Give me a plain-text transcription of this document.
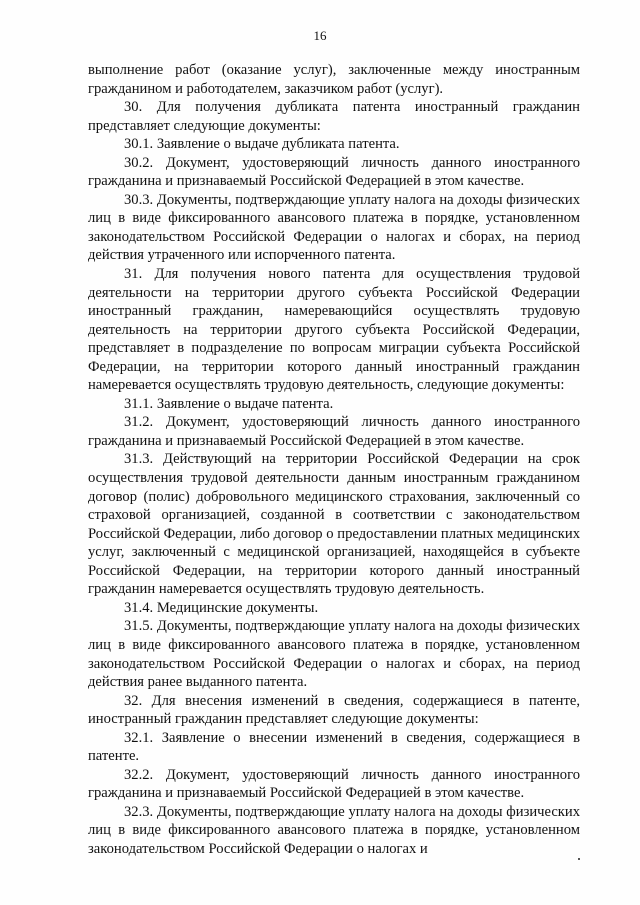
16

выполнение работ (оказание услуг), заключенные между иностранным гражданином и работодателем, заказчиком работ (услуг).

30. Для получения дубликата патента иностранный гражданин представляет следующие документы:

30.1. Заявление о выдаче дубликата патента.

30.2. Документ, удостоверяющий личность данного иностранного гражданина и признаваемый Российской Федерацией в этом качестве.

30.3. Документы, подтверждающие уплату налога на доходы физических лиц в виде фиксированного авансового платежа в порядке, установленном законодательством Российской Федерации о налогах и сборах, на период действия утраченного или испорченного патента.

31. Для получения нового патента для осуществления трудовой деятельности на территории другого субъекта Российской Федерации иностранный гражданин, намеревающийся осуществлять трудовую деятельность на территории другого субъекта Российской Федерации, представляет в подразделение по вопросам миграции субъекта Российской Федерации, на территории которого данный иностранный гражданин намеревается осуществлять трудовую деятельность, следующие документы:

31.1. Заявление о выдаче патента.

31.2. Документ, удостоверяющий личность данного иностранного гражданина и признаваемый Российской Федерацией в этом качестве.

31.3. Действующий на территории Российской Федерации на срок осуществления трудовой деятельности данным иностранным гражданином договор (полис) добровольного медицинского страхования, заключенный со страховой организацией, созданной в соответствии с законодательством Российской Федерации, либо договор о предоставлении платных медицинских услуг, заключенный с медицинской организацией, находящейся в субъекте Российской Федерации, на территории которого данный иностранный гражданин намеревается осуществлять трудовую деятельность.

31.4. Медицинские документы.

31.5. Документы, подтверждающие уплату налога на доходы физических лиц в виде фиксированного авансового платежа в порядке, установленном законодательством Российской Федерации о налогах и сборах, на период действия ранее выданного патента.

32. Для внесения изменений в сведения, содержащиеся в патенте, иностранный гражданин представляет следующие документы:

32.1. Заявление о внесении изменений в сведения, содержащиеся в патенте.

32.2. Документ, удостоверяющий личность данного иностранного гражданина и признаваемый Российской Федерацией в этом качестве.

32.3. Документы, подтверждающие уплату налога на доходы физических лиц в виде фиксированного авансового платежа в порядке, установленном законодательством Российской Федерации о налогах и
